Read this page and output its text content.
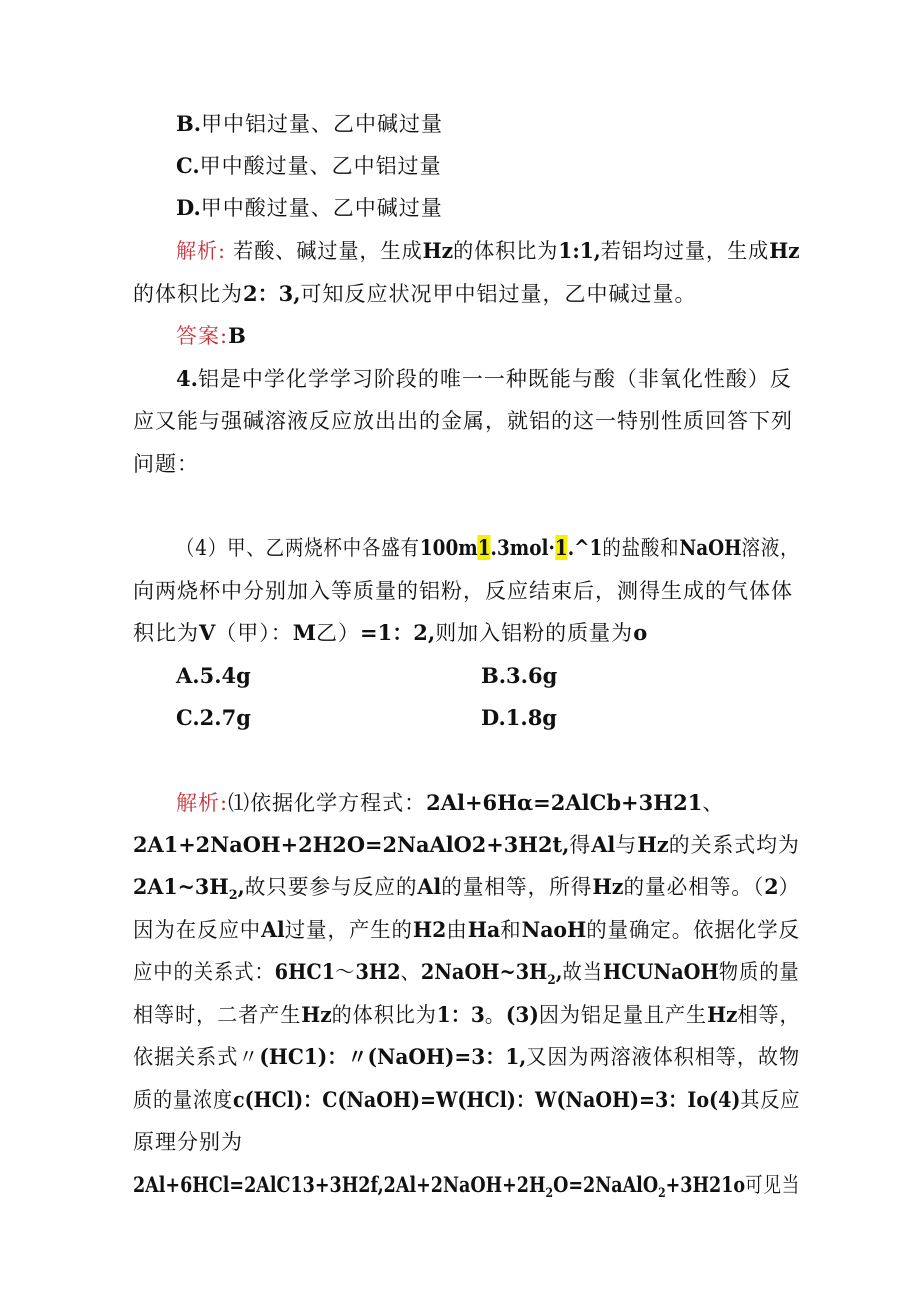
B.甲中铝过量、乙中碱过量
C.甲中酸过量、乙中铝过量
D.甲中酸过量、乙中碱过量
解析: 若酸、碱过量，生成Hz的体积比为1:1,若铝均过量，生成Hz
的体积比为2：3,可知反应状况甲中铝过量，乙中碱过量。
答案:B
4.铝是中学化学学习阶段的唯一一种既能与酸（非氧化性酸）反
应又能与强碱溶液反应放出出的金属，就铝的这一特别性质回答下列
问题：
（4）甲、乙两烧杯中各盛有100m1.3mol·1.^1的盐酸和NaOH溶液，
向两烧杯中分别加入等质量的铝粉，反应结束后，测得生成的气体体
积比为V（甲）：M乙）=1：2,则加入铝粉的质量为o
A.5.4g	B.3.6g
C.2.7g	D.1.8g
解析:⑴依据化学方程式：2Al+6Hα=2AlCb+3H21、
2A1+2NaOH+2H2O=2NaAlO2+3H2t,得Al与Hz的关系式均为
$2A1\sim 3H_2$,故只要参与反应的Al的量相等，所得Hz的量必相等。（2）
因为在反应中Al过量，产生的H2由Ha和NaoH的量确定。依据化学反
应中的关系式：6HC1～3H2、$2NaOH\sim 3H_2$,故当HCUNaOH物质的量
相等时，二者产生Hz的体积比为1：3。(3)因为铝足量且产生Hz相等，
依据关系式〃(HC1)：〃(NaOH)=3：1,又因为两溶液体积相等，故物
质的量浓度c(HCl)：C(NaOH)=W(HCl)：W(NaOH)=3：Io(4)其反应
原理分别为
$2Al+6HCl=2AlC13+3H2f,2Al+2NaOH+2H_2O=2NaAlO_2+3H21o$可见当
